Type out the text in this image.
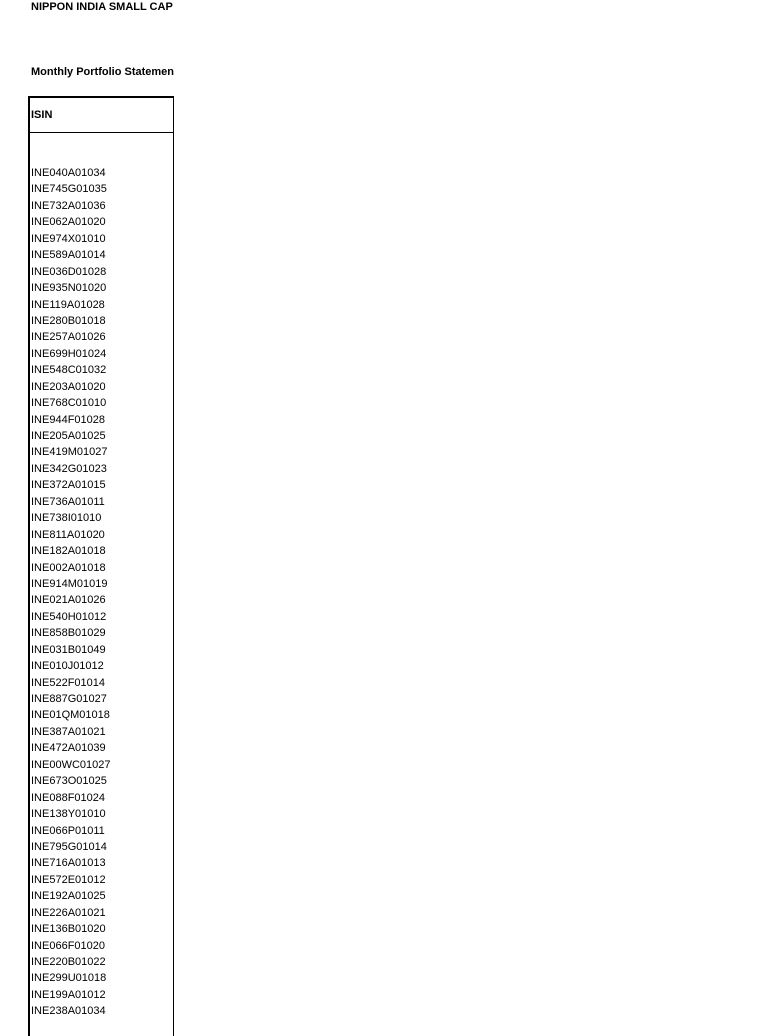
NIPPON INDIA SMALL CAP
Monthly Portfolio Statemen
ISIN
INE040A01034
INE745G01035
INE732A01036
INE062A01020
INE974X01010
INE589A01014
INE036D01028
INE935N01020
INE119A01028
INE280B01018
INE257A01026
INE699H01024
INE548C01032
INE203A01020
INE768C01010
INE944F01028
INE205A01025
INE419M01027
INE342G01023
INE372A01015
INE736A01011
INE738I01010
INE811A01020
INE182A01018
INE002A01018
INE914M01019
INE021A01026
INE540H01012
INE858B01029
INE031B01049
INE010J01012
INE522F01014
INE887G01027
INE01QM01018
INE387A01021
INE472A01039
INE00WC01027
INE673O01025
INE088F01024
INE138Y01010
INE066P01011
INE795G01014
INE716A01013
INE572E01012
INE192A01025
INE226A01021
INE136B01020
INE066F01020
INE220B01022
INE299U01018
INE199A01012
INE238A01034
